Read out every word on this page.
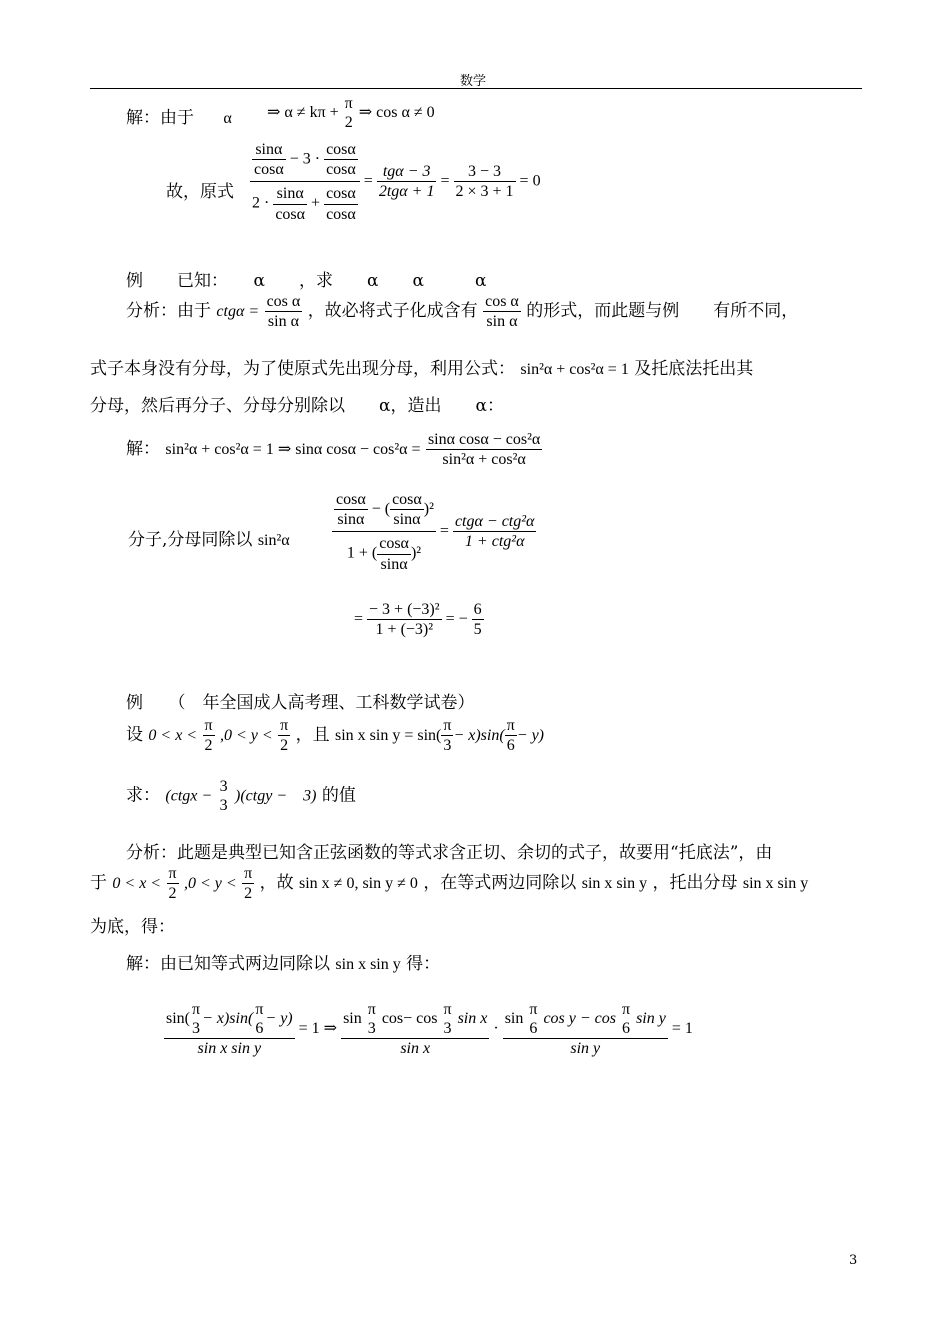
数学
解：由于 α ⇒ α ≠ kπ +
π
2
⇒ cos α ≠ 0
故，原式 $\frac{\frac{\sin\alpha}{\cos\alpha} - 3 \cdot \frac{\cos\alpha}{\cos\alpha}}{2 \cdot \frac{\sin\alpha}{\cos\alpha} + \frac{\cos\alpha}{\cos\alpha}} = \frac{\text{tgα − 3}}{\text{2tgα + 1}} = \frac{3 - 3}{2 \times 3 + 1} = 0$
例　　已知：　　α　　，求　　α　　α　　　α
分析：由于 $ctg\alpha = \frac{\text{cos α}}{\text{sin α}}$ ，故必将式子化成含有 $\frac{\text{cos α}}{\text{sin α}}$ 的形式，而此题与例　　有所不同，
式子本身没有分母，为了使原式先出现分母，利用公式： sin²α + cos²α = 1 及托底法托出其
分母，然后再分子、分母分别除以　　α，造出　　α：
解： sin²α + cos²α = 1 ⇒ sinα $\cos\alpha - \cos^2\alpha = \frac{\text{sinα cosα − cos²α}}{\text{sin²α + cos²α}}$
分子,分母同除以 sin²α	$\frac{\frac{\cos\alpha}{\sin\alpha} - ( \frac{\cos\alpha}{\sin\alpha} )^2}{1 + ( \frac{\cos\alpha}{\sin\alpha} )^2} = \frac{\text{ctgα − ctg²α}}{\text{1 + ctg²α}}$
= $\frac{\text{− 3 + (−3)²}}{\text{1 + (−3)²}}$ = − $\frac{6}{5}$
例　　（　年全国成人高考理、工科数学试卷）
设 $0 < x < \frac{\pi}{2} ,0 < y < \frac{\pi}{2}$ ，且 sin x $\sin y = \sin( \frac{\pi}{3} - x)\sin( \frac{\pi}{6} - y)$
求： (ctgx −
3
3
)(ctgy −　3) 的值
分析：此题是典型已知含正弦函数的等式求含正切、余切的式子，故要用“托底法”，由
于 $0 < x < \frac{\pi}{2} ,0 < y < \frac{\pi}{2}$ ，故 sin x ≠ 0, sin y ≠ 0 ，在等式两边同除以 sin x sin y ，托出分母 sin x sin y
为底，得：
解：由已知等式两边同除以 sin x sin y 得：
sin(
π
3
− x)sin(
π
6
− y)
sin x sin y = 1 ⇒ sin
π
3
cos− cos
π
3
sin x
sin x · sin
π
6
cos y − cos
π
6
sin y
sin y = 1
3
